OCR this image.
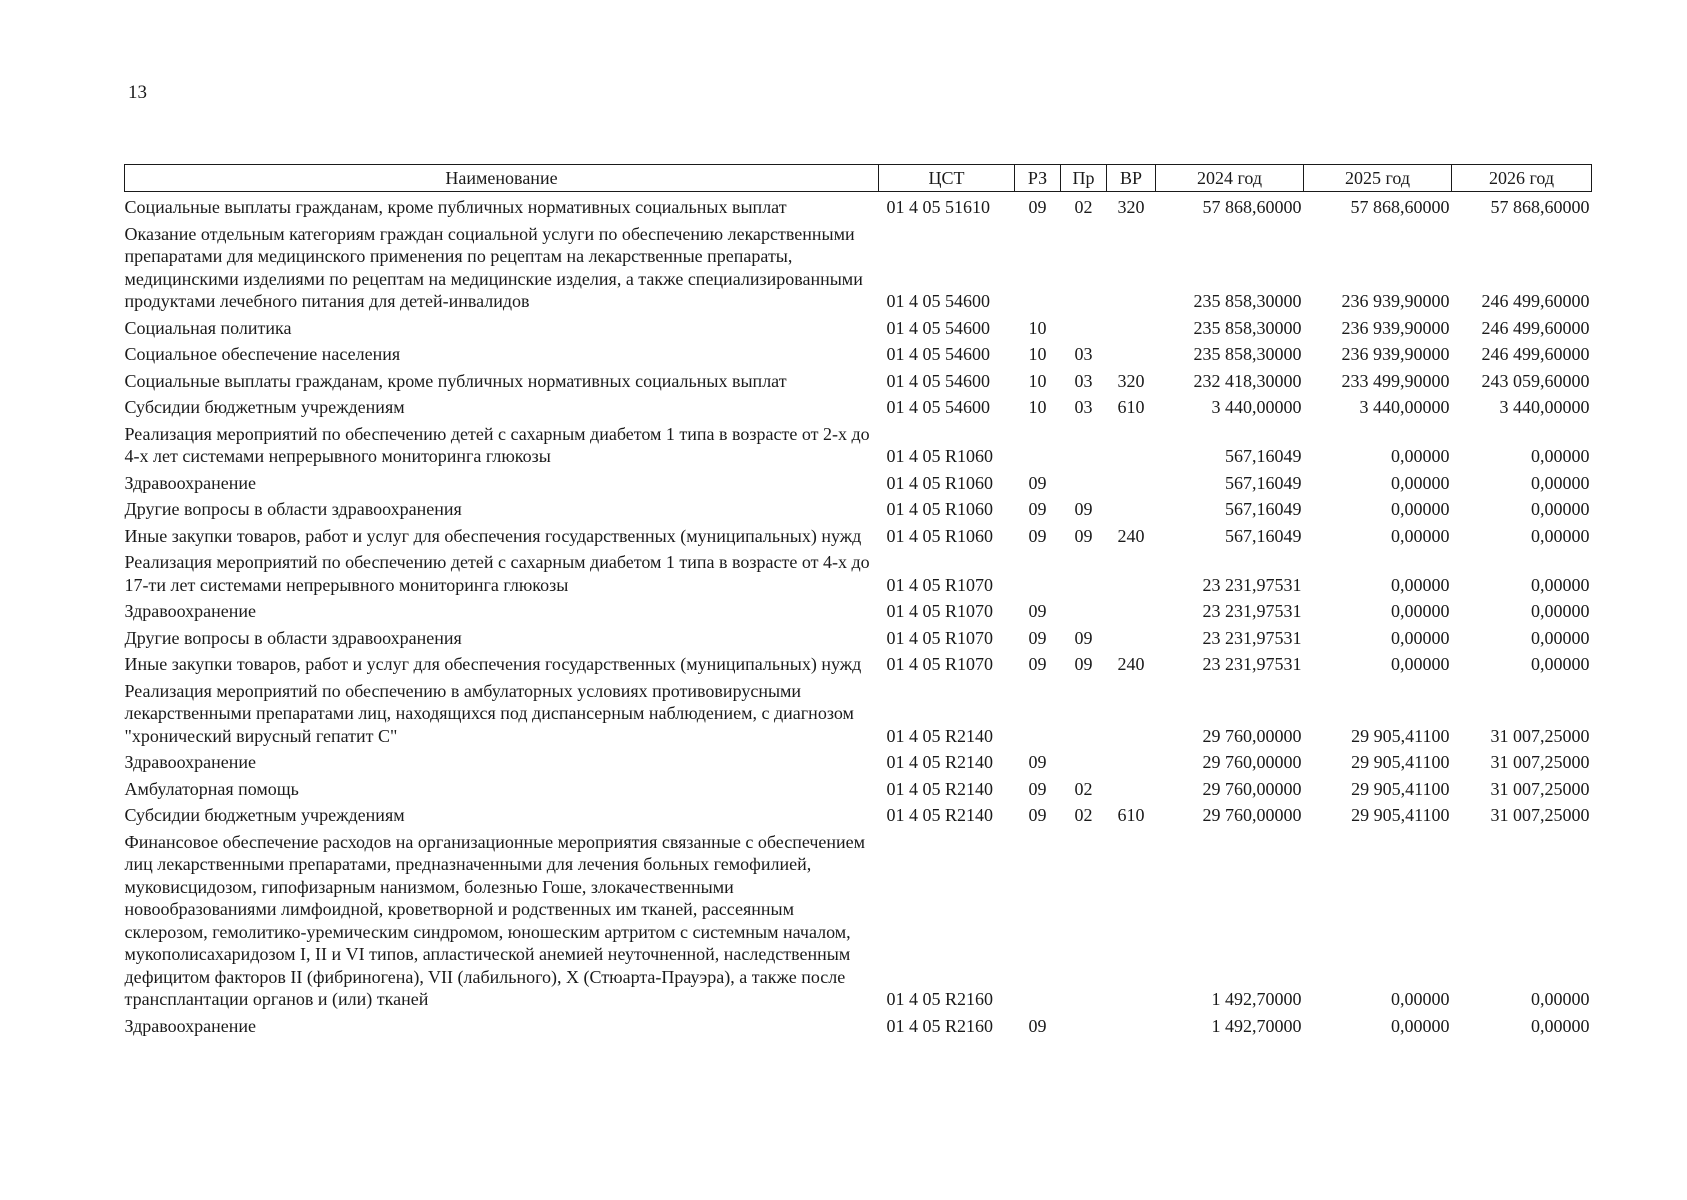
13
Наименование	ЦСТ	РЗ	Пр	ВР	2024 год	2025 год	2026 год
Социальные выплаты гражданам, кроме публичных нормативных социальных выплат	01 4 05 51610	09	02	320	57 868,60000	57 868,60000	57 868,60000
Оказание отдельным категориям граждан социальной услуги по обеспечению лекарственными препаратами для медицинского применения по рецептам на лекарственные препараты, медицинскими изделиями по рецептам на медицинские изделия, а также специализированными продуктами лечебного питания для детей-инвалидов	01 4 05 54600				235 858,30000	236 939,90000	246 499,60000
Социальная политика	01 4 05 54600	10			235 858,30000	236 939,90000	246 499,60000
Социальное обеспечение населения	01 4 05 54600	10	03		235 858,30000	236 939,90000	246 499,60000
Социальные выплаты гражданам, кроме публичных нормативных социальных выплат	01 4 05 54600	10	03	320	232 418,30000	233 499,90000	243 059,60000
Субсидии бюджетным учреждениям	01 4 05 54600	10	03	610	3 440,00000	3 440,00000	3 440,00000
Реализация мероприятий по обеспечению детей с сахарным диабетом 1 типа в возрасте от 2-х до 4-х лет системами непрерывного мониторинга глюкозы	01 4 05 R1060				567,16049	0,00000	0,00000
Здравоохранение	01 4 05 R1060	09			567,16049	0,00000	0,00000
Другие вопросы в области здравоохранения	01 4 05 R1060	09	09		567,16049	0,00000	0,00000
Иные закупки товаров, работ и услуг для обеспечения государственных (муниципальных) нужд	01 4 05 R1060	09	09	240	567,16049	0,00000	0,00000
Реализация мероприятий по обеспечению детей с сахарным диабетом 1 типа в возрасте от 4-х до 17-ти лет системами непрерывного мониторинга глюкозы	01 4 05 R1070				23 231,97531	0,00000	0,00000
Здравоохранение	01 4 05 R1070	09			23 231,97531	0,00000	0,00000
Другие вопросы в области здравоохранения	01 4 05 R1070	09	09		23 231,97531	0,00000	0,00000
Иные закупки товаров, работ и услуг для обеспечения государственных (муниципальных) нужд	01 4 05 R1070	09	09	240	23 231,97531	0,00000	0,00000
Реализация мероприятий по обеспечению в амбулаторных условиях противовирусными лекарственными препаратами лиц, находящихся под диспансерным наблюдением, с диагнозом "хронический вирусный гепатит С"	01 4 05 R2140				29 760,00000	29 905,41100	31 007,25000
Здравоохранение	01 4 05 R2140	09			29 760,00000	29 905,41100	31 007,25000
Амбулаторная помощь	01 4 05 R2140	09	02		29 760,00000	29 905,41100	31 007,25000
Субсидии бюджетным учреждениям	01 4 05 R2140	09	02	610	29 760,00000	29 905,41100	31 007,25000
Финансовое обеспечение расходов на организационные мероприятия связанные с обеспечением лиц лекарственными препаратами, предназначенными для лечения больных гемофилией, муковисцидозом, гипофизарным нанизмом, болезнью Гоше, злокачественными новообразованиями лимфоидной, кроветворной и родственных им тканей, рассеянным склерозом, гемолитико-уремическим синдромом, юношеским артритом с системным началом, мукополисахаридозом I, II и VI типов, апластической анемией неуточненной, наследственным дефицитом факторов II (фибриногена), VII (лабильного), X (Стюарта-Прауэра), а также после трансплантации органов и (или) тканей	01 4 05 R2160				1 492,70000	0,00000	0,00000
Здравоохранение	01 4 05 R2160	09			1 492,70000	0,00000	0,00000
